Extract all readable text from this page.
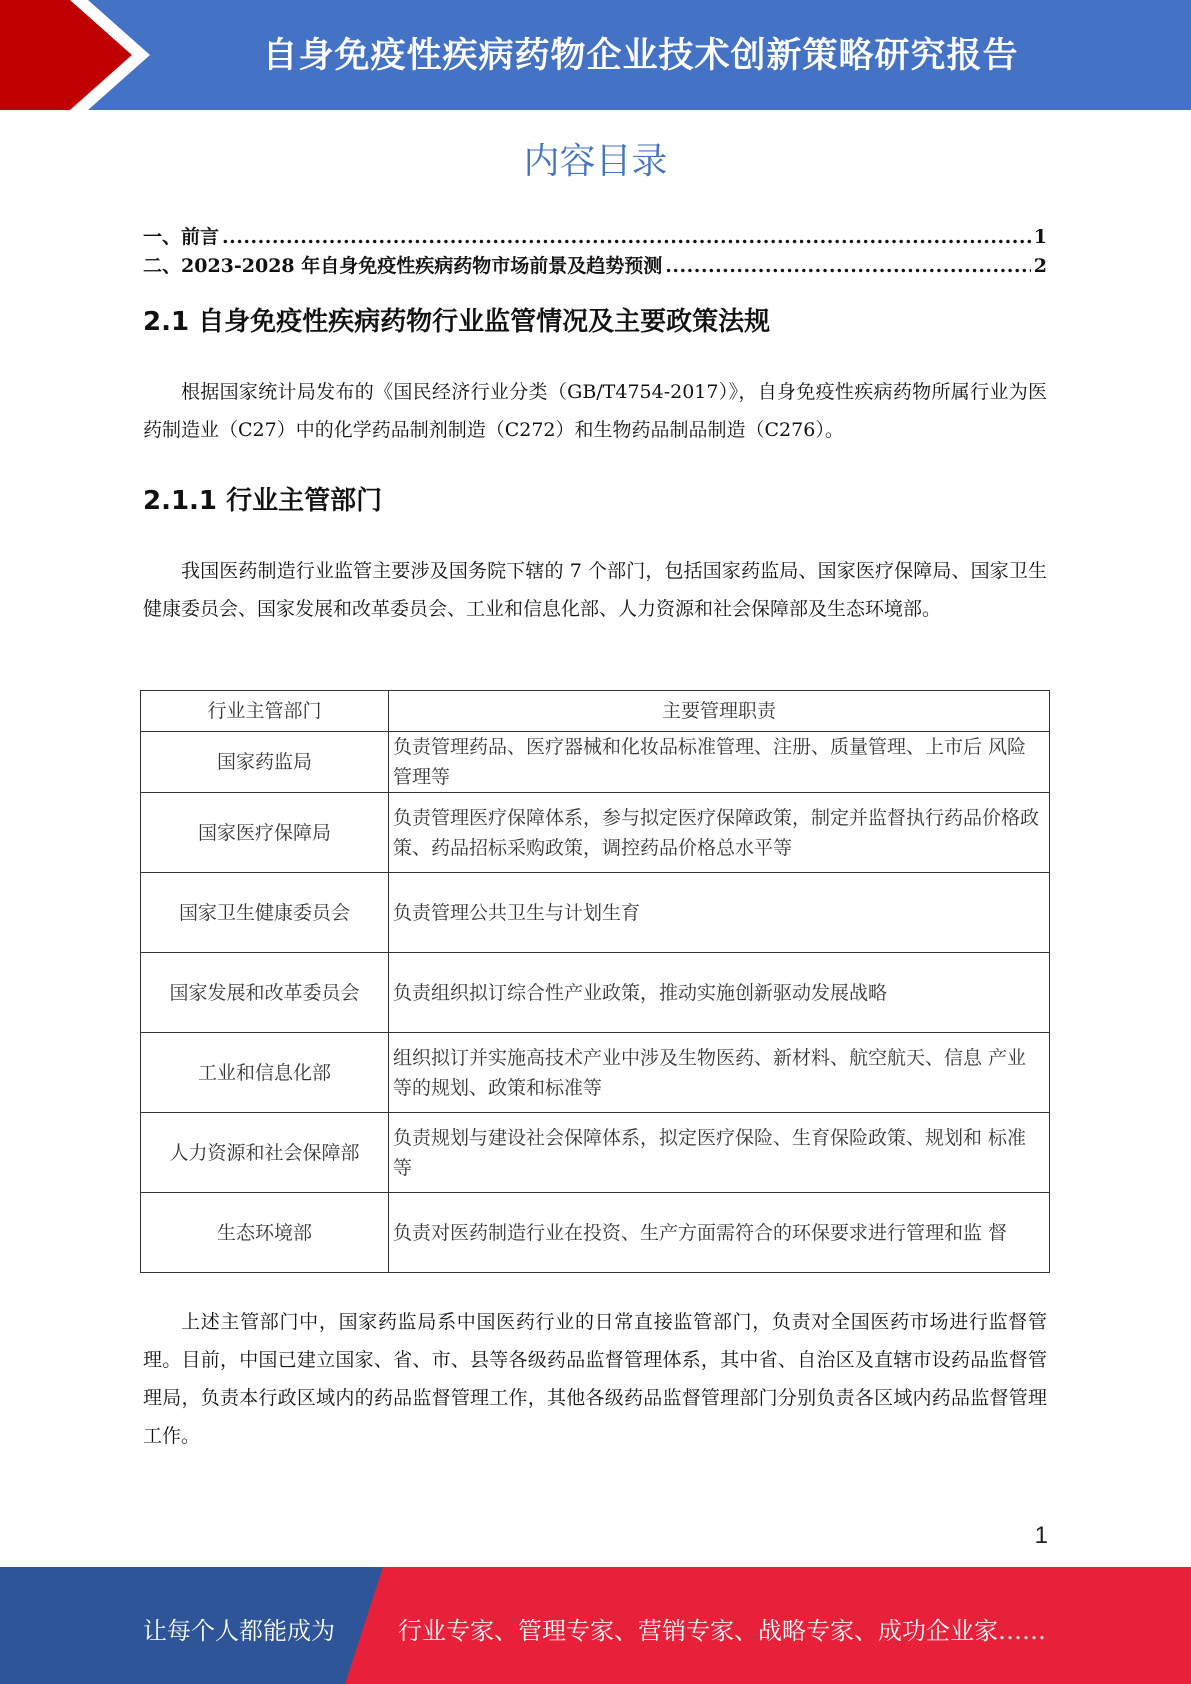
自身免疫性疾病药物企业技术创新策略研究报告
内容目录
一、前言 .....	1
二、2023-2028 年自身免疫性疾病药物市场前景及趋势预测 .....	2
2.1 自身免疫性疾病药物行业监管情况及主要政策法规
根据国家统计局发布的《国民经济行业分类（GB/T4754-2017）》，自身免疫性疾病药物所属行业为医药制造业（C27）中的化学药品制剂制造（C272）和生物药品制品制造（C276）。
2.1.1 行业主管部门
我国医药制造行业监管主要涉及国务院下辖的 7 个部门，包括国家药监局、国家医疗保障局、国家卫生健康委员会、国家发展和改革委员会、工业和信息化部、人力资源和社会保障部及生态环境部。
行业主管部门	主要管理职责
国家药监局	负责管理药品、医疗器械和化妆品标准管理、注册、质量管理、上市后 风险管理等
国家医疗保障局	负责管理医疗保障体系，参与拟定医疗保障政策，制定并监督执行药品价格政策、药品招标采购政策，调控药品价格总水平等
国家卫生健康委员会	负责管理公共卫生与计划生育
国家发展和改革委员会	负责组织拟订综合性产业政策，推动实施创新驱动发展战略
工业和信息化部	组织拟订并实施高技术产业中涉及生物医药、新材料、航空航天、信息 产业等的规划、政策和标准等
人力资源和社会保障部	负责规划与建设社会保障体系，拟定医疗保险、生育保险政策、规划和 标准等
生态环境部	负责对医药制造行业在投资、生产方面需符合的环保要求进行管理和监 督
上述主管部门中，国家药监局系中国医药行业的日常直接监管部门，负责对全国医药市场进行监督管理。目前，中国已建立国家、省、市、县等各级药品监督管理体系，其中省、自治区及直辖市设药品监督管理局，负责本行政区域内的药品监督管理工作，其他各级药品监督管理部门分别负责各区域内药品监督管理工作。
1
让每个人都能成为	行业专家、管理专家、营销专家、战略专家、成功企业家……
